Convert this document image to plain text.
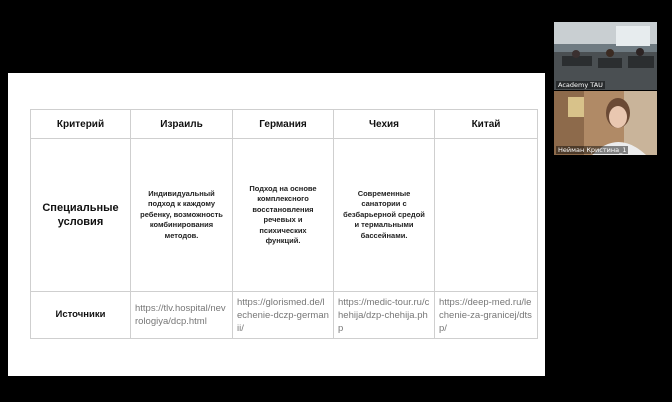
Критерий	Израиль	Германия	Чехия	Китай
Специальные условия	Индивидуальный подход к каждому ребенку, возможность комбинирования методов.	Подход на основе комплексного восстановления речевых и психических функций.	Современные санатории с безбарьерной средой и термальными бассейнами.	
Источники	https://tlv.hospital/nevrologiya/dcp.html	https://glorismed.de/lechenie-dczp-germanii/	https://medic-tour.ru/chehija/dzp-chehija.php	https://deep-med.ru/lechenie-za-granicej/dtsp/
Academy TAU
Нейман Кристина_1
